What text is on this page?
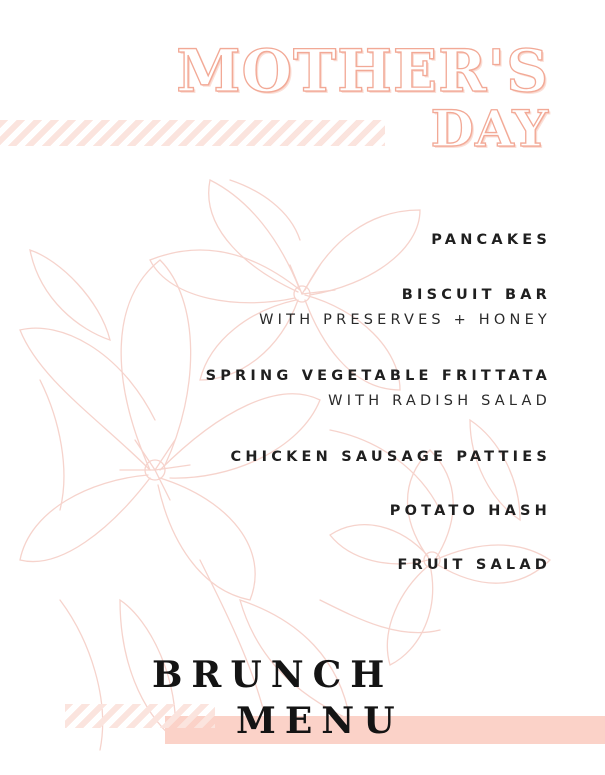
MOTHER'S
DAY
PANCAKES
BISCUIT BAR
WITH PRESERVES + HONEY
SPRING VEGETABLE FRITTATA
WITH RADISH SALAD
CHICKEN SAUSAGE PATTIES
POTATO HASH
FRUIT SALAD
BRUNCH
MENU
